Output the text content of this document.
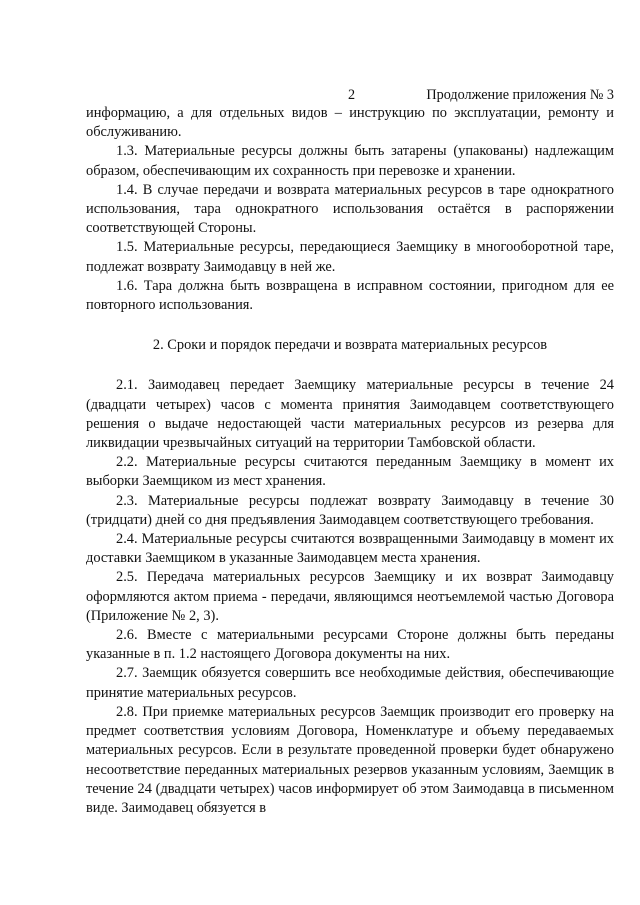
2	Продолжение приложения № 3

информацию, а для отдельных видов – инструкцию по эксплуатации, ремонту и обслуживанию.

1.3. Материальные ресурсы должны быть затарены (упакованы) надлежащим образом, обеспечивающим их сохранность при перевозке и хранении.

1.4. В случае передачи и возврата материальных ресурсов в таре однократного использования, тара однократного использования остаётся в распоряжении соответствующей Стороны.

1.5. Материальные ресурсы, передающиеся Заемщику в многооборотной таре, подлежат возврату Заимодавцу в ней же.

1.6. Тара должна быть возвращена в исправном состоянии, пригодном для ее повторного использования.

2. Сроки и порядок передачи и возврата материальных ресурсов

2.1. Заимодавец передает Заемщику материальные ресурсы в течение 24 (двадцати четырех) часов с момента принятия Заимодавцем соответствующего решения о выдаче недостающей части материальных ресурсов из резерва для ликвидации чрезвычайных ситуаций на территории Тамбовской области.

2.2. Материальные ресурсы считаются переданным Заемщику в момент их выборки Заемщиком из мест хранения.

2.3. Материальные ресурсы подлежат возврату Заимодавцу в течение 30 (тридцати) дней со дня предъявления Заимодавцем соответствующего требования.

2.4. Материальные ресурсы считаются возвращенными Заимодавцу в момент их доставки Заемщиком в указанные Заимодавцем места хранения.

2.5. Передача материальных ресурсов Заемщику и их возврат Заимодавцу оформляются актом приема - передачи, являющимся неотъемлемой частью Договора (Приложение № 2, 3).

2.6. Вместе с материальными ресурсами Стороне должны быть переданы указанные в п. 1.2 настоящего Договора документы на них.

2.7. Заемщик обязуется совершить все необходимые действия, обеспечивающие принятие материальных ресурсов.

2.8. При приемке материальных ресурсов Заемщик производит его проверку на предмет соответствия условиям Договора, Номенклатуре и объему передаваемых материальных ресурсов. Если в результате проведенной проверки будет обнаружено несоответствие переданных материальных резервов указанным условиям, Заемщик в течение 24 (двадцати четырех) часов информирует об этом Заимодавца в письменном виде. Заимодавец обязуется в
